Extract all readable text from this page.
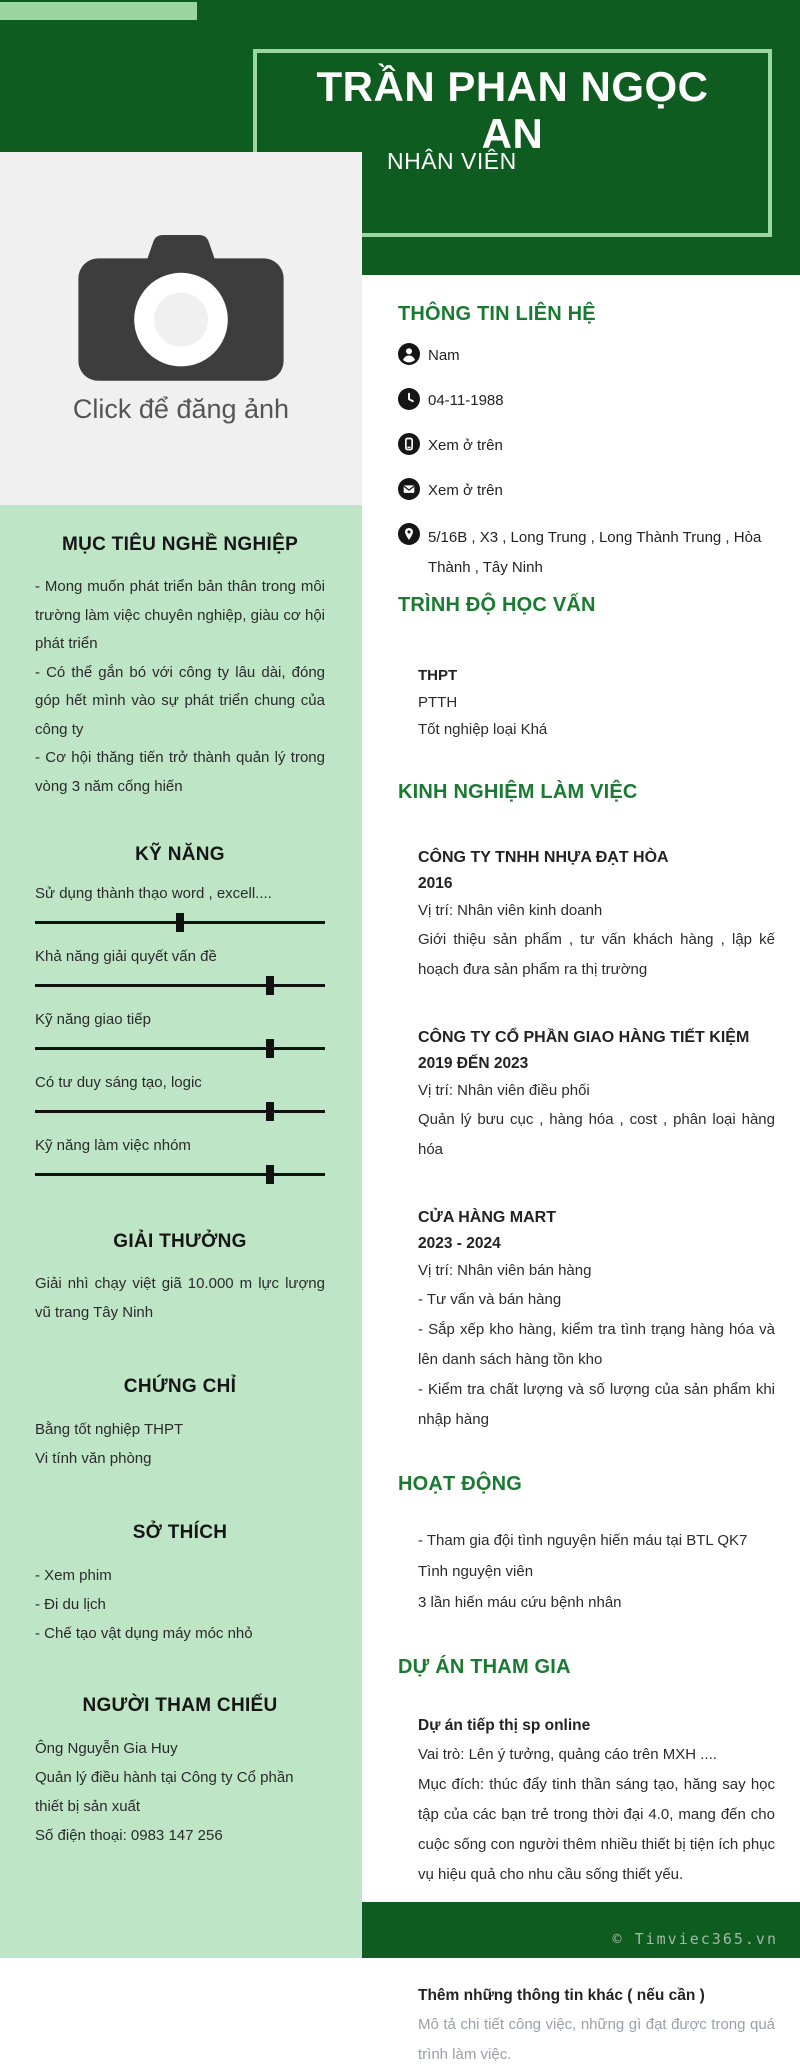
TRẦN PHAN NGỌC AN
NHÂN VIÊN
Click để đăng ảnh
MỤC TIÊU NGHỀ NGHIỆP
- Mong muốn phát triển bản thân trong môi trường làm việc chuyên nghiệp, giàu cơ hội phát triển
- Có thể gắn bó với công ty lâu dài, đóng góp hết mình vào sự phát triển chung của công ty
- Cơ hội thăng tiến trở thành quản lý trong vòng 3 năm cống hiến
KỸ NĂNG
Sử dụng thành thạo word , excell....
Khả năng giải quyết vấn đề
Kỹ năng giao tiếp
Có tư duy sáng tạo, logic
Kỹ năng làm việc nhóm
GIẢI THƯỞNG
Giải nhì chạy việt giã 10.000 m lực lượng vũ trang Tây Ninh
CHỨNG CHỈ
Bằng tốt nghiệp THPT
Vi tính văn phòng
SỞ THÍCH
- Xem phim
- Đi du lịch
- Chế tạo vật dụng máy móc nhỏ
NGƯỜI THAM CHIẾU
Ông Nguyễn Gia Huy
Quản lý điều hành tại Công ty Cổ phần thiết bị sản xuất
Số điện thoại: 0983 147 256
THÔNG TIN LIÊN HỆ
Nam
04-11-1988
Xem ở trên
Xem ở trên
5/16B , X3 , Long Trung , Long Thành Trung , Hòa Thành , Tây Ninh
TRÌNH ĐỘ HỌC VẤN
THPT
PTTH
Tốt nghiệp loại Khá
KINH NGHIỆM LÀM VIỆC
CÔNG TY TNHH NHỰA ĐẠT HÒA
2016
Vị trí: Nhân viên kinh doanh
Giới thiệu sản phẩm , tư vấn khách hàng , lập kế hoạch đưa sản phẩm ra thị trường
CÔNG TY CỔ PHẦN GIAO HÀNG TIẾT KIỆM
2019 ĐẾN 2023
Vị trí: Nhân viên điều phối
Quản lý bưu cục , hàng hóa , cost , phân loại hàng hóa
CỬA HÀNG MART
2023 - 2024
Vị trí: Nhân viên bán hàng
- Tư vấn và bán hàng
- Sắp xếp kho hàng, kiểm tra tình trạng hàng hóa và lên danh sách hàng tồn kho
- Kiểm tra chất lượng và số lượng của sản phẩm khi nhập hàng
HOẠT ĐỘNG
- Tham gia đội tình nguyện hiến máu tại BTL QK7
Tình nguyện viên
3 lần hiến máu cứu bệnh nhân
DỰ ÁN THAM GIA
Dự án tiếp thị sp online
Vai trò: Lên ý tưởng, quảng cáo trên MXH ....
Mục đích: thúc đẩy tinh thần sáng tạo, hăng say học tập của các bạn trẻ trong thời đại 4.0, mang đến cho cuộc sống con người thêm nhiều thiết bị tiện ích phục vụ hiệu quả cho nhu cầu sống thiết yếu.
Thêm những thông tin khác ( nếu cần )
Mô tả chi tiết công việc, những gì đạt được trong quá trình làm việc.
© Timviec365.vn
